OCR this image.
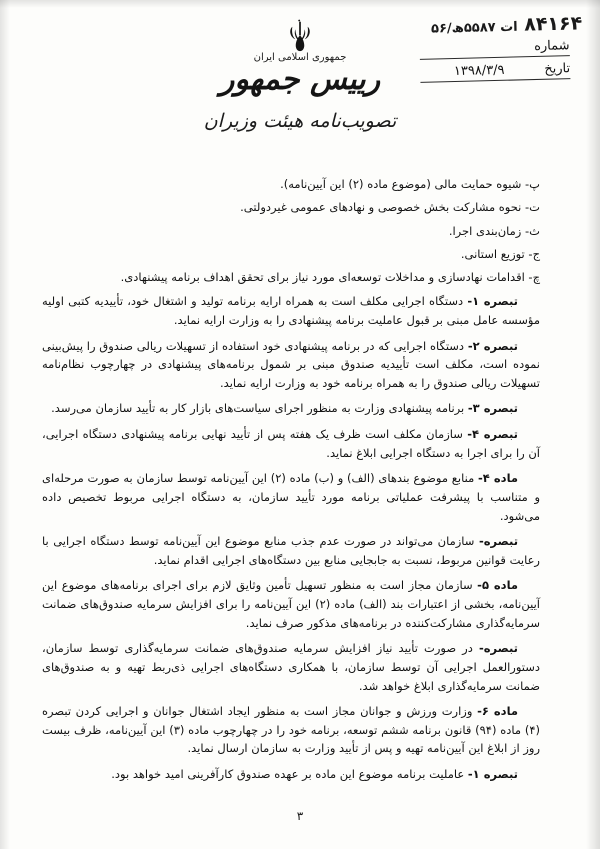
۸۴۱۶۴ ات ۵۵۸۷ھ/۵۶
شماره
تاریخ
۱۳۹۸/۳/۹
جمهوری اسلامی ایران
رییس جمهور
تصویب‌نامه هیئت وزیران

پ- شیوه حمایت مالی (موضوع ماده (۲) این آیین‌نامه).

ت- نحوه مشارکت بخش خصوصی و نهادهای عمومی غیردولتی.

ث- زمان‌بندی اجرا.

ج- توزیع استانی.

چ- اقدامات نهادسازی و مداخلات توسعه‌ای مورد نیاز برای تحقق اهداف برنامه پیشنهادی.

تبصره ۱- دستگاه اجرایی مکلف است به همراه ارایه برنامه تولید و اشتغال خود، تأییدیه کتبی اولیه مؤسسه عامل مبنی بر قبول عاملیت برنامه پیشنهادی را به وزارت ارایه نماید.

تبصره ۲- دستگاه اجرایی که در برنامه پیشنهادی خود استفاده از تسهیلات ریالی صندوق را پیش‌بینی نموده است، مکلف است تأییدیه صندوق مبنی بر شمول برنامه‌های پیشنهادی در چهارچوب نظام‌نامه تسهیلات ریالی صندوق را به همراه برنامه خود به وزارت ارایه نماید.

تبصره ۳- برنامه پیشنهادی وزارت به منظور اجرای سیاست‌های بازار کار به تأیید سازمان می‌رسد.

تبصره ۴- سازمان مکلف است ظرف یک هفته پس از تأیید نهایی برنامه پیشنهادی دستگاه اجرایی، آن را برای اجرا به دستگاه اجرایی ابلاغ نماید.

ماده ۴- منابع موضوع بندهای (الف) و (ب) ماده (۲) این آیین‌نامه توسط سازمان به صورت مرحله‌ای و متناسب با پیشرفت عملیاتی برنامه مورد تأیید سازمان، به دستگاه اجرایی مربوط تخصیص داده می‌شود.

تبصره- سازمان می‌تواند در صورت عدم جذب منابع موضوع این آیین‌نامه توسط دستگاه اجرایی با رعایت قوانین مربوط، نسبت به جابجایی منابع بین دستگاه‌های اجرایی اقدام نماید.

ماده ۵- سازمان مجاز است به منظور تسهیل تأمین وثایق لازم برای اجرای برنامه‌های موضوع این آیین‌نامه، بخشی از اعتبارات بند (الف) ماده (۲) این آیین‌نامه را برای افزایش سرمایه صندوق‌های ضمانت سرمایه‌گذاری مشارکت‌کننده در برنامه‌های مذکور صرف نماید.

تبصره- در صورت تأیید نیاز افزایش سرمایه صندوق‌های ضمانت سرمایه‌گذاری توسط سازمان، دستورالعمل اجرایی آن توسط سازمان، با همکاری دستگاه‌های اجرایی ذی‌ربط تهیه و به صندوق‌های ضمانت سرمایه‌گذاری ابلاغ خواهد شد.

ماده ۶- وزارت ورزش و جوانان مجاز است به منظور ایجاد اشتغال جوانان و اجرایی کردن تبصره (۴) ماده (۹۴) قانون برنامه ششم توسعه، برنامه خود را در چهارچوب ماده (۳) این آیین‌نامه، ظرف بیست روز از ابلاغ این آیین‌نامه تهیه و پس از تأیید وزارت به سازمان ارسال نماید.

تبصره ۱- عاملیت برنامه موضوع این ماده بر عهده صندوق کارآفرینی امید خواهد بود.

۳
